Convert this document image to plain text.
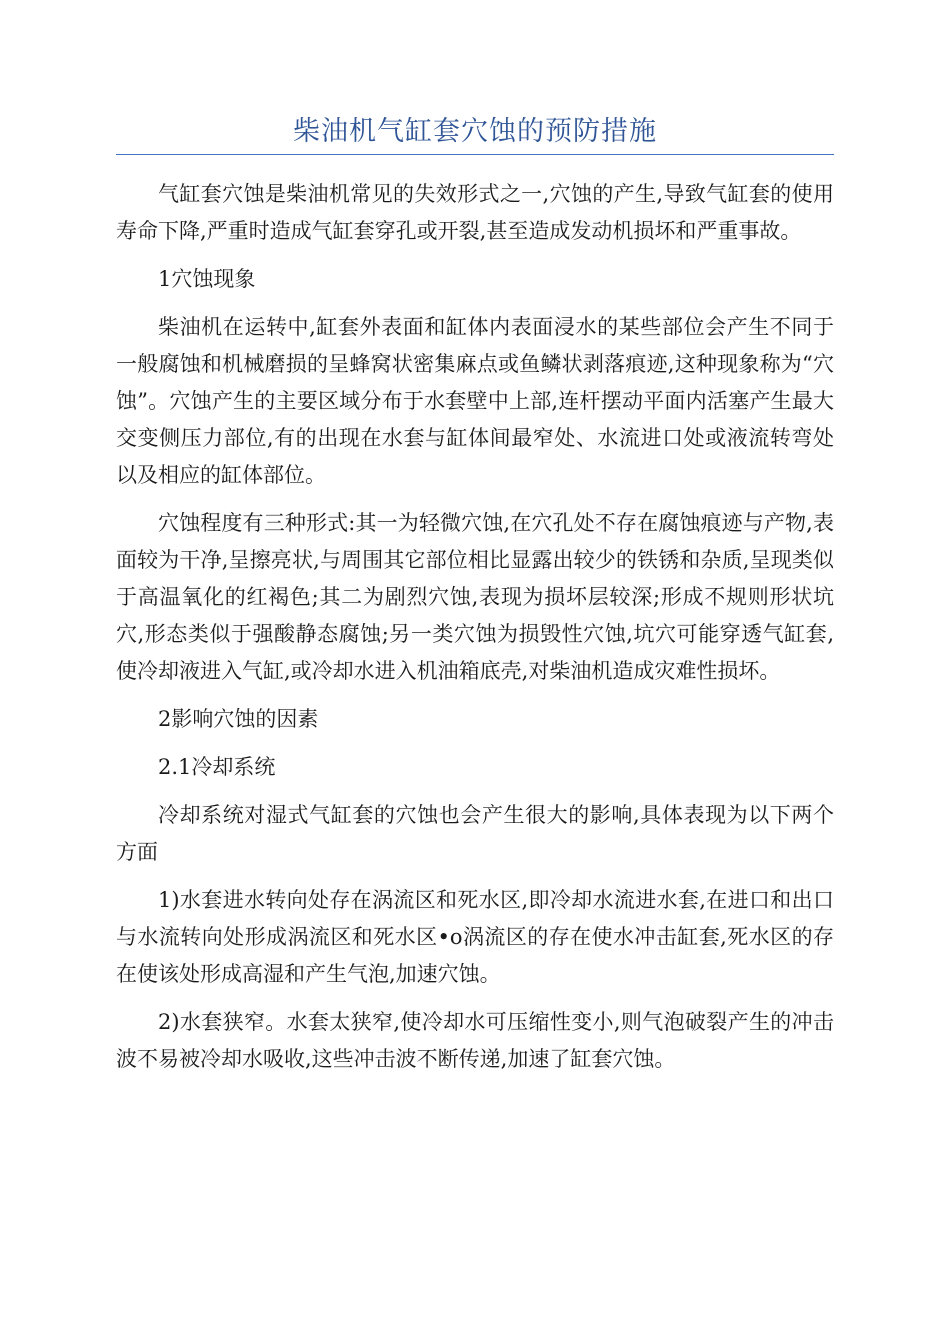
柴油机气缸套穴蚀的预防措施

气缸套穴蚀是柴油机常见的失效形式之一,穴蚀的产生,导致气缸套的使用寿命下降,严重时造成气缸套穿孔或开裂,甚至造成发动机损坏和严重事故。

1穴蚀现象

柴油机在运转中,缸套外表面和缸体内表面浸水的某些部位会产生不同于一般腐蚀和机械磨损的呈蜂窝状密集麻点或鱼鳞状剥落痕迹,这种现象称为“穴蚀”。穴蚀产生的主要区域分布于水套壁中上部,连杆摆动平面内活塞产生最大交变侧压力部位,有的出现在水套与缸体间最窄处、水流进口处或液流转弯处以及相应的缸体部位。

穴蚀程度有三种形式:其一为轻微穴蚀,在穴孔处不存在腐蚀痕迹与产物,表面较为干净,呈擦亮状,与周围其它部位相比显露出较少的铁锈和杂质,呈现类似于高温氧化的红褐色;其二为剧烈穴蚀,表现为损坏层较深;形成不规则形状坑穴,形态类似于强酸静态腐蚀;另一类穴蚀为损毁性穴蚀,坑穴可能穿透气缸套,使冷却液进入气缸,或冷却水进入机油箱底壳,对柴油机造成灾难性损坏。

2影响穴蚀的因素

2.1冷却系统

冷却系统对湿式气缸套的穴蚀也会产生很大的影响,具体表现为以下两个方面

1)水套进水转向处存在涡流区和死水区,即冷却水流进水套,在进口和出口与水流转向处形成涡流区和死水区•o涡流区的存在使水冲击缸套,死水区的存在使该处形成高湿和产生气泡,加速穴蚀。

2)水套狭窄。水套太狭窄,使冷却水可压缩性变小,则气泡破裂产生的冲击波不易被冷却水吸收,这些冲击波不断传递,加速了缸套穴蚀。
